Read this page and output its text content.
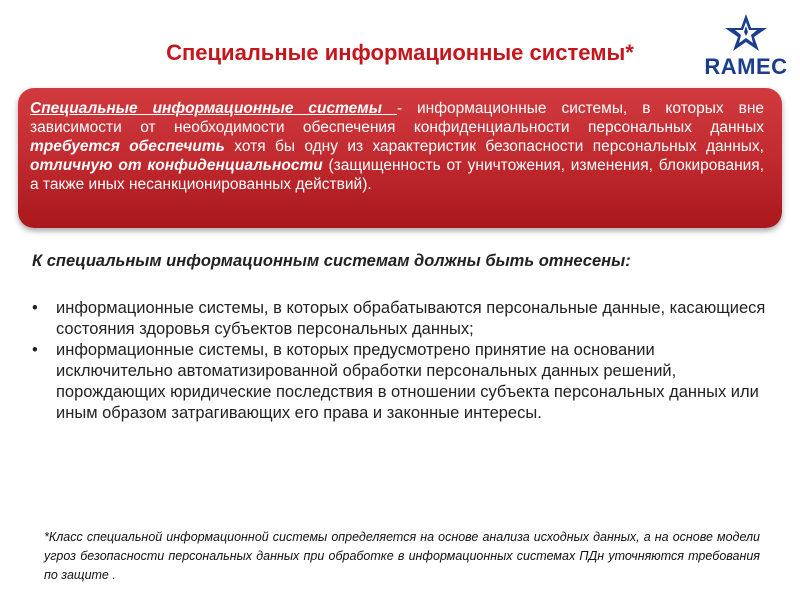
Специальные информационные системы*
RAMEC

Специальные информационные системы - информационные системы, в которых вне зависимости от необходимости обеспечения конфиденциальности персональных данных требуется обеспечить хотя бы одну из характеристик безопасности персональных данных, отличную от конфиденциальности (защищенность от уничтожения, изменения, блокирования, а также иных несанкционированных действий).

К специальным информационным системам должны быть отнесены:
• информационные системы, в которых обрабатываются персональные данные, касающиеся состояния здоровья субъектов персональных данных;
• информационные системы, в которых предусмотрено принятие на основании исключительно автоматизированной обработки персональных данных решений, порождающих юридические последствия в отношении субъекта персональных данных или иным образом затрагивающих его права и законные интересы.
*Класс специальной информационной системы определяется на основе анализа исходных данных, а на основе модели угроз безопасности персональных данных при обработке в информационных системах ПДн уточняются требования по защите .
